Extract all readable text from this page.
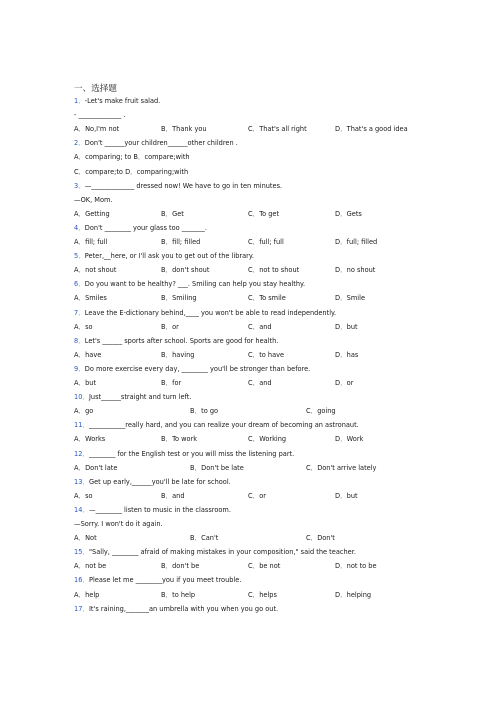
一、选择题
1．-Let's make fruit salad.
- _____________ .
A．No,I'm not	B．Thank you	C．That's all right	D．That's a good idea
2．Don't ______your children______other children .
A．comparing; to B．compare;with
C．compare;to D．comparing;with
3．—_____________ dressed now! We have to go in ten minutes.
—OK, Mom.
A．Getting	B．Get	C．To get	D．Gets
4．Don't ________ your glass too _______.
A．fill; full	B．fill; filled	C．full; full	D．full; filled
5．Peter,__here, or I'll ask you to get out of the library.
A．not shout	B．don't shout	C．not to shout	D．no shout
6．Do you want to be healthy? ___. Smiling can help you stay healthy.
A．Smiles	B．Smiling	C．To smile	D．Smile
7．Leave the E-dictionary behind,____ you won't be able to read independently.
A．so	B．or	C．and	D．but
8．Let's ______ sports after school. Sports are good for health.
A．have	B．having	C．to have	D．has
9．Do more exercise every day, ________ you'll be stronger than before.
A．but	B．for	C．and	D．or
10．Just______straight and turn left.
A．go	B．to go	C．going
11．___________really hard, and you can realize your dream of becoming an astronaut.
A．Works	B．To work	C．Working	D．Work
12．________ for the English test or you will miss the listening part.
A．Don't late	B．Don't be late	C．Don't arrive lately
13．Get up early,______you'll be late for school.
A．so	B．and	C．or	D．but
14．—________ listen to music in the classroom.
—Sorry. I won't do it again.
A．Not	B．Can't	C．Don't
15．"Sally, ________ afraid of making mistakes in your composition," said the teacher.
A．not be	B．don't be	C．be not	D．not to be
16．Please let me ________you if you meet trouble.
A．help	B．to help	C．helps	D．helping
17．It's raining,_______an umbrella with you when you go out.
